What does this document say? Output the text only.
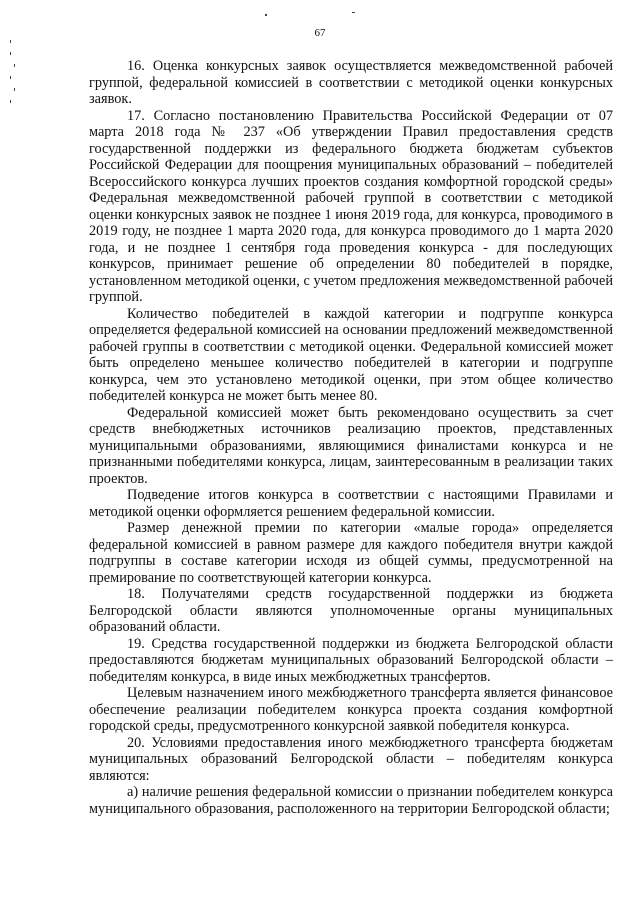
67

16. Оценка конкурсных заявок осуществляется межведомственной рабочей группой, федеральной комиссией в соответствии с методикой оценки конкурсных заявок.

17. Согласно постановлению Правительства Российской Федерации от 07 марта 2018 года № 237 «Об утверждении Правил предоставления средств государственной поддержки из федерального бюджета бюджетам субъектов Российской Федерации для поощрения муниципальных образований – победителей Всероссийского конкурса лучших проектов создания комфортной городской среды» Федеральная межведомственной рабочей группой в соответствии с методикой оценки конкурсных заявок не позднее 1 июня 2019 года, для конкурса, проводимого в 2019 году, не позднее 1 марта 2020 года, для конкурса проводимого до 1 марта 2020 года, и не позднее 1 сентября года проведения конкурса - для последующих конкурсов, принимает решение об определении 80 победителей в порядке, установленном методикой оценки, с учетом предложения межведомственной рабочей группой.

Количество победителей в каждой категории и подгруппе конкурса определяется федеральной комиссией на основании предложений межведомственной рабочей группы в соответствии с методикой оценки. Федеральной комиссией может быть определено меньшее количество победителей в категории и подгруппе конкурса, чем это установлено методикой оценки, при этом общее количество победителей конкурса не может быть менее 80.

Федеральной комиссией может быть рекомендовано осуществить за счет средств внебюджетных источников реализацию проектов, представленных муниципальными образованиями, являющимися финалистами конкурса и не признанными победителями конкурса, лицам, заинтересованным в реализации таких проектов.

Подведение итогов конкурса в соответствии с настоящими Правилами и методикой оценки оформляется решением федеральной комиссии.

Размер денежной премии по категории «малые города» определяется федеральной комиссией в равном размере для каждого победителя внутри каждой подгруппы в составе категории исходя из общей суммы, предусмотренной на премирование по соответствующей категории конкурса.

18. Получателями средств государственной поддержки из бюджета Белгородской области являются уполномоченные органы муниципальных образований области.

19. Средства государственной поддержки из бюджета Белгородской области предоставляются бюджетам муниципальных образований Белгородской области – победителям конкурса, в виде иных межбюджетных трансфертов.

Целевым назначением иного межбюджетного трансферта является финансовое обеспечение реализации победителем конкурса проекта создания комфортной городской среды, предусмотренного конкурсной заявкой победителя конкурса.

20. Условиями предоставления иного межбюджетного трансферта бюджетам муниципальных образований Белгородской области – победителям конкурса являются:

а) наличие решения федеральной комиссии о признании победителем конкурса муниципального образования, расположенного на территории Белгородской области;
